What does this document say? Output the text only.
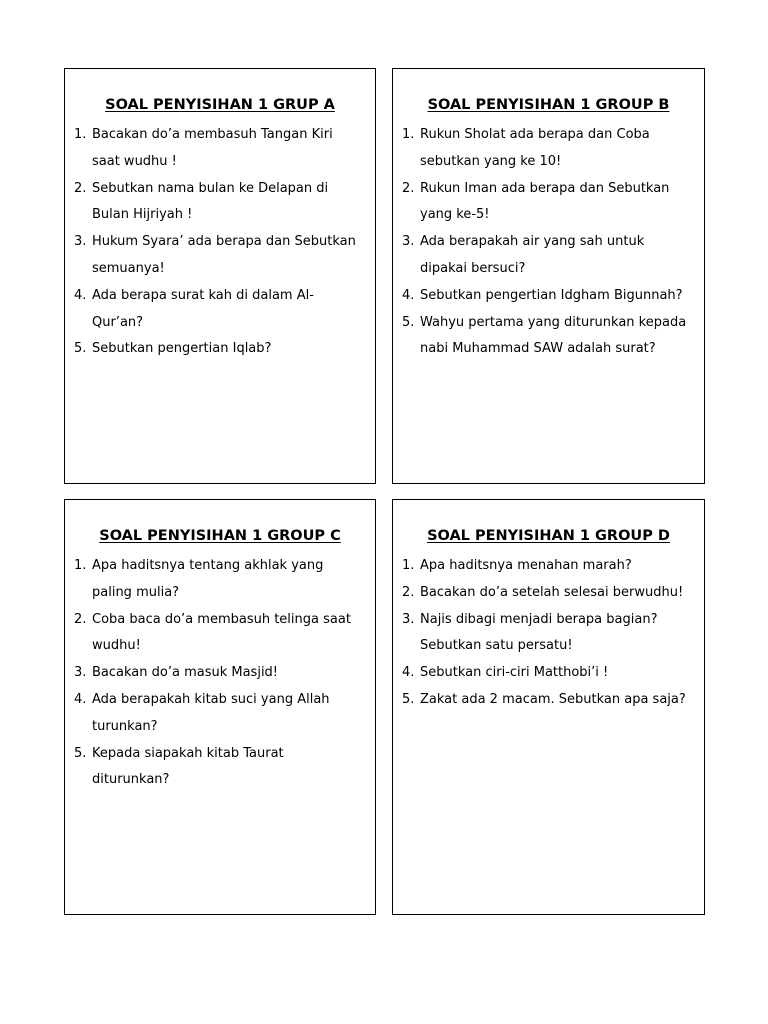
SOAL PENYISIHAN 1 GRUP A
1. Bacakan do’a membasuh Tangan Kiri saat wudhu !
2. Sebutkan nama bulan ke Delapan di Bulan Hijriyah !
3. Hukum Syara’ ada berapa dan Sebutkan semuanya!
4. Ada berapa surat kah di dalam Al-Qur’an?
5. Sebutkan pengertian Iqlab?
SOAL PENYISIHAN 1 GROUP B
1. Rukun Sholat ada berapa dan Coba sebutkan yang ke 10!
2. Rukun Iman ada berapa dan Sebutkan yang ke-5!
3. Ada berapakah air yang sah untuk dipakai bersuci?
4. Sebutkan pengertian Idgham Bigunnah?
5. Wahyu pertama yang diturunkan kepada nabi Muhammad SAW adalah surat?
SOAL PENYISIHAN 1 GROUP C
1. Apa haditsnya tentang akhlak yang paling mulia?
2. Coba baca do’a membasuh telinga saat wudhu!
3. Bacakan do’a masuk Masjid!
4. Ada berapakah kitab suci yang Allah turunkan?
5. Kepada siapakah kitab Taurat diturunkan?
SOAL PENYISIHAN 1 GROUP D
1. Apa haditsnya menahan marah?
2. Bacakan do’a setelah selesai berwudhu!
3. Najis dibagi menjadi berapa bagian? Sebutkan satu persatu!
4. Sebutkan ciri-ciri Matthobi’i !
5. Zakat ada 2 macam. Sebutkan apa saja?
